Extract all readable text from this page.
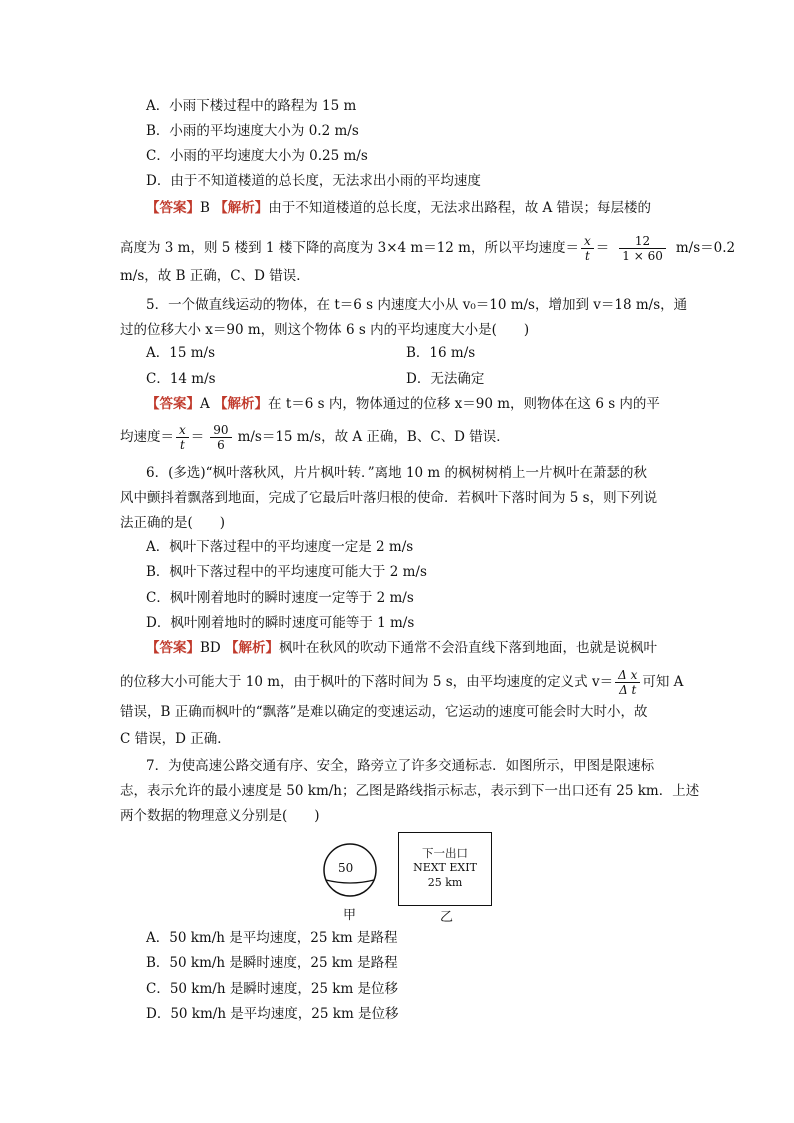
A．小雨下楼过程中的路程为 15 m
B．小雨的平均速度大小为 0.2 m/s
C．小雨的平均速度大小为 0.25 m/s
D．由于不知道楼道的总长度，无法求出小雨的平均速度
【答案】B 【解析】由于不知道楼道的总长度，无法求出路程，故 A 错误；每层楼的
高度为 3 m，则 5 楼到 1 楼下降的高度为 3×4 m＝12 m，所以平均速度＝ $\frac{x}{t} = \frac{12}{1 \times 60} m/s=0.2$
m/s，故 B 正确，C、D 错误．
5．一个做直线运动的物体，在 t＝6 s 内速度大小从 v₀＝10 m/s，增加到 v＝18 m/s，通
过的位移大小 x＝90 m，则这个物体 6 s 内的平均速度大小是(　　)
A．15 m/s	B．16 m/s
C．14 m/s	D．无法确定
【答案】A 【解析】在 t＝6 s 内，物体通过的位移 x＝90 m，则物体在这 6 s 内的平
均速度＝ $\frac{x}{t} = \frac{90}{6} m/s=15$ m/s，故 A 正确，B、C、D 错误．
6．(多选)“枫叶落秋风，片片枫叶转．”离地 10 m 的枫树树梢上一片枫叶在萧瑟的秋
风中颤抖着飘落到地面，完成了它最后叶落归根的使命．若枫叶下落时间为 5 s，则下列说
法正确的是(　　)
A．枫叶下落过程中的平均速度一定是 2 m/s
B．枫叶下落过程中的平均速度可能大于 2 m/s
C．枫叶刚着地时的瞬时速度一定等于 2 m/s
D．枫叶刚着地时的瞬时速度可能等于 1 m/s
【答案】BD 【解析】枫叶在秋风的吹动下通常不会沿直线下落到地面，也就是说枫叶
的位移大小可能大于 10 m，由于枫叶的下落时间为 5 s，由平均速度的定义式 $v= \frac{\text{Δ x}}{\text{Δ t}}$ 可知 A
错误，B 正确而枫叶的“飘落”是难以确定的变速运动，它运动的速度可能会时大时小，故
C 错误，D 正确．
7．为使高速公路交通有序、安全，路旁立了许多交通标志．如图所示，甲图是限速标
志，表示允许的最小速度是 50 km/h；乙图是路线指示标志，表示到下一出口还有 25 km．上述
两个数据的物理意义分别是(　　)
50
甲
下一出口
NEXT EXIT
25 km
乙
A．50 km/h 是平均速度，25 km 是路程
B．50 km/h 是瞬时速度，25 km 是路程
C．50 km/h 是瞬时速度，25 km 是位移
D．50 km/h 是平均速度，25 km 是位移
